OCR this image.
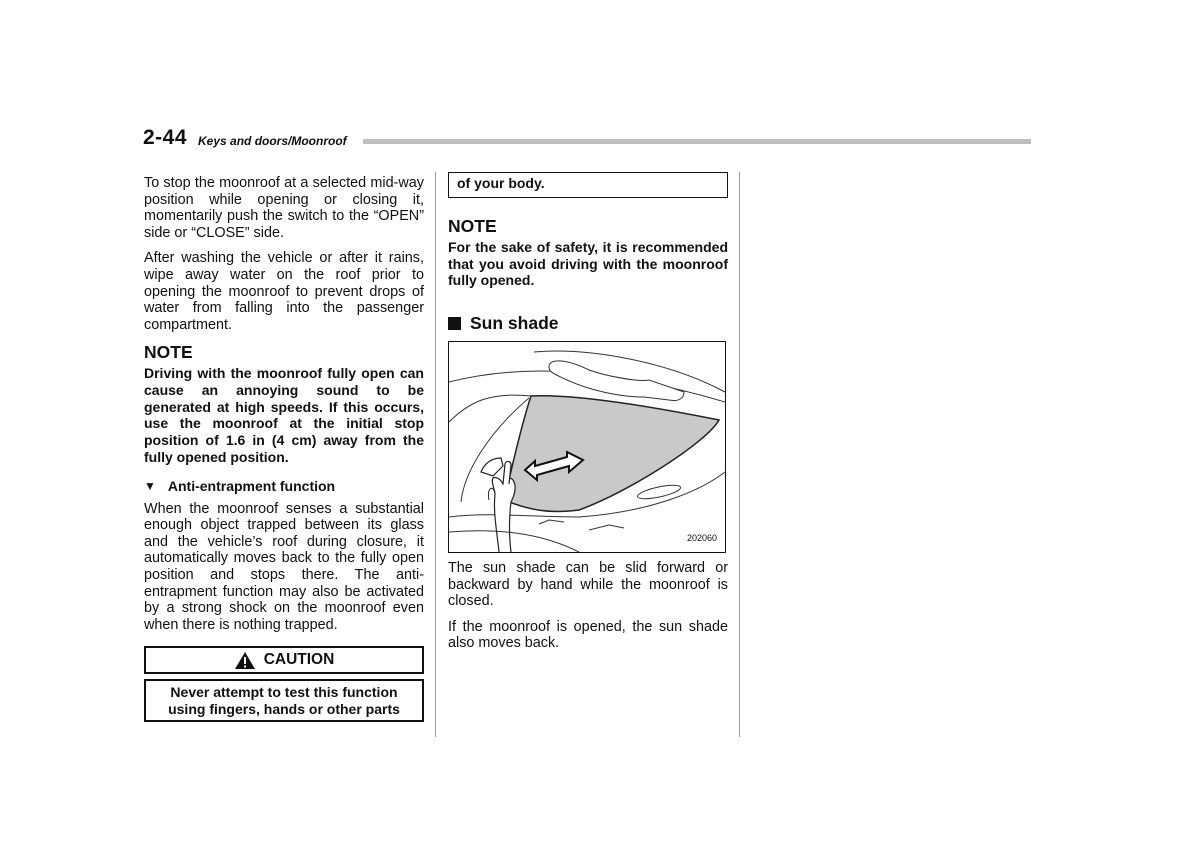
2-44 Keys and doors/Moonroof

To stop the moonroof at a selected mid-way position while opening or closing it, momentarily push the switch to the “OPEN” side or “CLOSE” side.

After washing the vehicle or after it rains, wipe away water on the roof prior to opening the moonroof to prevent drops of water from falling into the passenger compartment.

NOTE

Driving with the moonroof fully open can cause an annoying sound to be generated at high speeds. If this occurs, use the moonroof at the initial stop position of 1.6 in (4 cm) away from the fully opened position.

▼ Anti-entrapment function

When the moonroof senses a substantial enough object trapped between its glass and the vehicle’s roof during closure, it automatically moves back to the fully open position and stops there. The anti-entrapment function may also be activated by a strong shock on the moonroof even when there is nothing trapped.

CAUTION
Never attempt to test this function using fingers, hands or other parts
of your body.
NOTE

For the sake of safety, it is recommended that you avoid driving with the moonroof fully opened.

Sun shade
202060

The sun shade can be slid forward or backward by hand while the moonroof is closed.

If the moonroof is opened, the sun shade also moves back.
